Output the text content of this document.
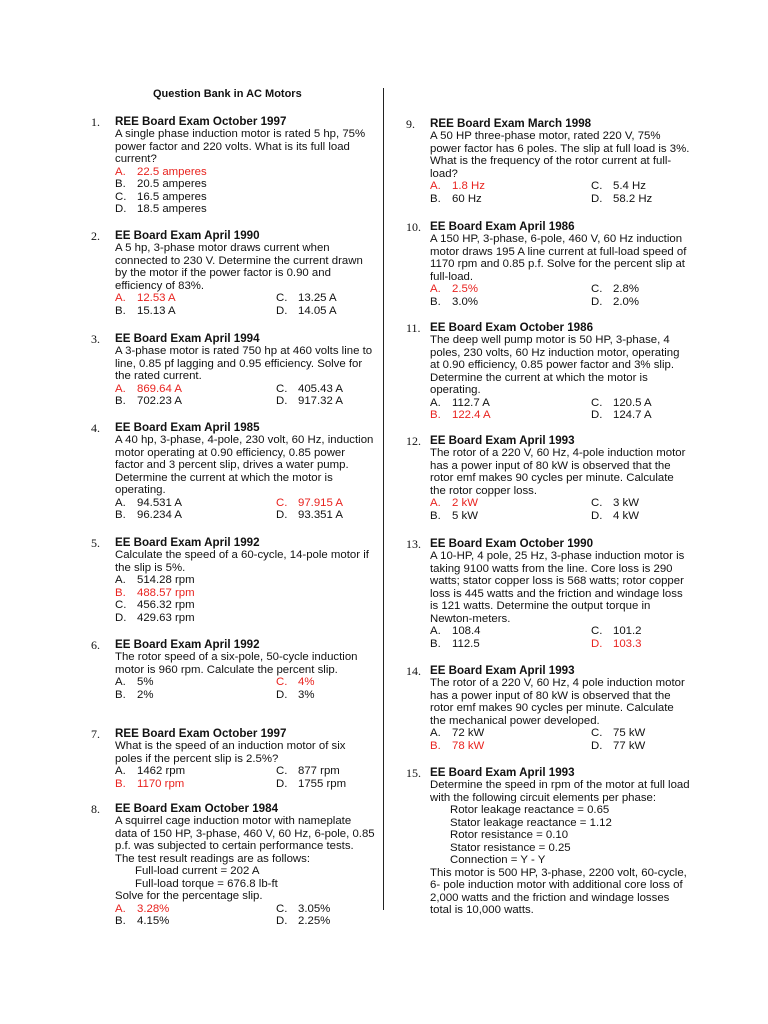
Question Bank in AC Motors
1. REE Board Exam October 1997
A single phase induction motor is rated 5 hp, 75% power factor and 220 volts. What is its full load current?
A. 22.5 amperes
B. 20.5 amperes
C. 16.5 amperes
D. 18.5 amperes
2. EE Board Exam April 1990
A 5 hp, 3-phase motor draws current when connected to 230 V. Determine the current drawn by the motor if the power factor is 0.90 and efficiency of 83%.
A. 12.53 A	C. 13.25 A
B. 15.13 A	D. 14.05 A
3. EE Board Exam April 1994
A 3-phase motor is rated 750 hp at 460 volts line to line, 0.85 pf lagging and 0.95 efficiency. Solve for the rated current.
A. 869.64 A	C. 405.43 A
B. 702.23 A	D. 917.32 A
4. EE Board Exam April 1985
A 40 hp, 3-phase, 4-pole, 230 volt, 60 Hz, induction motor operating at 0.90 efficiency, 0.85 power factor and 3 percent slip, drives a water pump. Determine the current at which the motor is operating.
A. 94.531 A	C. 97.915 A
B. 96.234 A	D. 93.351 A
5. EE Board Exam April 1992
Calculate the speed of a 60-cycle, 14-pole motor if the slip is 5%.
A. 514.28 rpm
B. 488.57 rpm
C. 456.32 rpm
D. 429.63 rpm
6. EE Board Exam April 1992
The rotor speed of a six-pole, 50-cycle induction motor is 960 rpm. Calculate the percent slip.
A. 5%	C. 4%
B. 2%	D. 3%
7. REE Board Exam October 1997
What is the speed of an induction motor of six poles if the percent slip is 2.5%?
A. 1462 rpm	C. 877 rpm
B. 1170 rpm	D. 1755 rpm
8. EE Board Exam October 1984
A squirrel cage induction motor with nameplate data of 150 HP, 3-phase, 460 V, 60 Hz, 6-pole, 0.85 p.f. was subjected to certain performance tests. The test result readings are as follows:
Full-load current = 202 A
Full-load torque = 676.8 lb-ft
Solve for the percentage slip.
A. 3.28%	C. 3.05%
B. 4.15%	D. 2.25%
9. REE Board Exam March 1998
A 50 HP three-phase motor, rated 220 V, 75% power factor has 6 poles. The slip at full load is 3%. What is the frequency of the rotor current at full-load?
A. 1.8 Hz	C. 5.4 Hz
B. 60 Hz	D. 58.2 Hz
10. EE Board Exam April 1986
A 150 HP, 3-phase, 6-pole, 460 V, 60 Hz induction motor draws 195 A line current at full-load speed of 1170 rpm and 0.85 p.f. Solve for the percent slip at full-load.
A. 2.5%	C. 2.8%
B. 3.0%	D. 2.0%
11. EE Board Exam October 1986
The deep well pump motor is 50 HP, 3-phase, 4 poles, 230 volts, 60 Hz induction motor, operating at 0.90 efficiency, 0.85 power factor and 3% slip. Determine the current at which the motor is operating.
A. 112.7 A	C. 120.5 A
B. 122.4 A	D. 124.7 A
12. EE Board Exam April 1993
The rotor of a 220 V, 60 Hz, 4-pole induction motor has a power input of 80 kW is observed that the rotor emf makes 90 cycles per minute. Calculate the rotor copper loss.
A. 2 kW	C. 3 kW
B. 5 kW	D. 4 kW
13. EE Board Exam October 1990
A 10-HP, 4 pole, 25 Hz, 3-phase induction motor is taking 9100 watts from the line. Core loss is 290 watts; stator copper loss is 568 watts; rotor copper loss is 445 watts and the friction and windage loss is 121 watts. Determine the output torque in Newton-meters.
A. 108.4	C. 101.2
B. 112.5	D. 103.3
14. EE Board Exam April 1993
The rotor of a 220 V, 60 Hz, 4 pole induction motor has a power input of 80 kW is observed that the rotor emf makes 90 cycles per minute. Calculate the mechanical power developed.
A. 72 kW	C. 75 kW
B. 78 kW	D. 77 kW
15. EE Board Exam April 1993
Determine the speed in rpm of the motor at full load with the following circuit elements per phase:
Rotor leakage reactance = 0.65
Stator leakage reactance = 1.12
Rotor resistance = 0.10
Stator resistance = 0.25
Connection = Y - Y
This motor is 500 HP, 3-phase, 2200 volt, 60-cycle, 6- pole induction motor with additional core loss of 2,000 watts and the friction and windage losses total is 10,000 watts.
